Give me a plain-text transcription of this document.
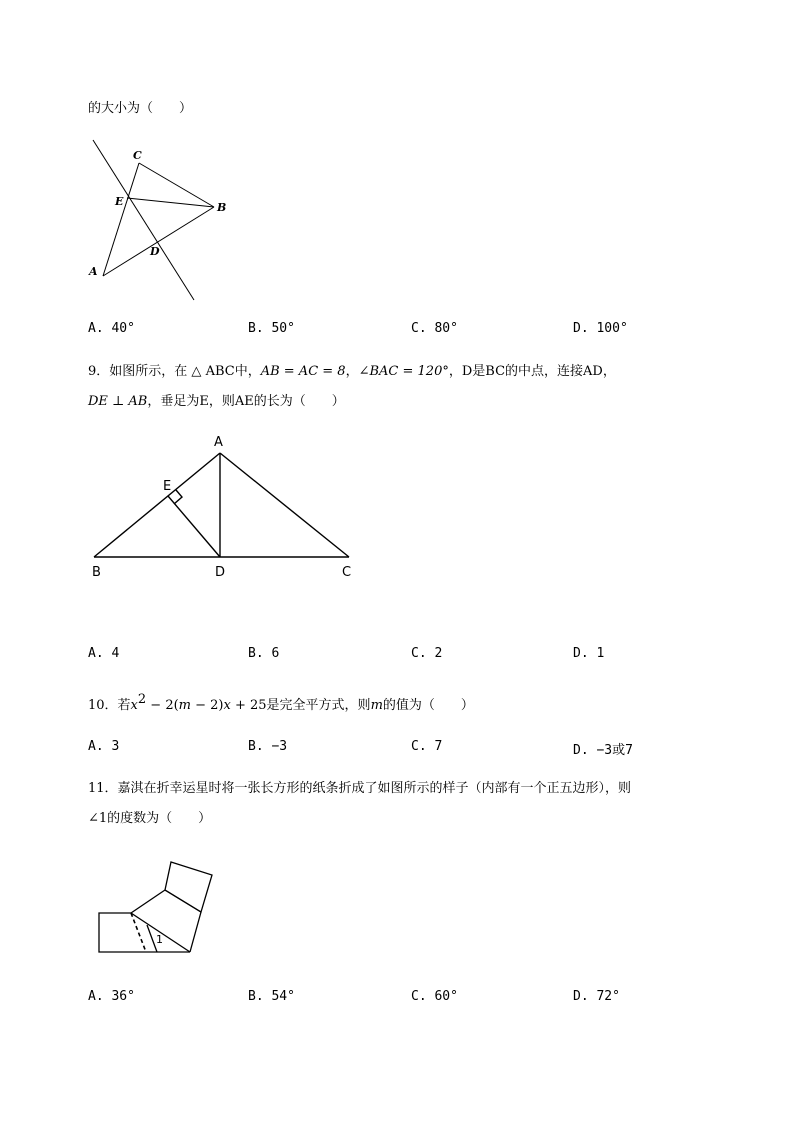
的大小为（　　）
C
E	B
D
A
A. 40°	B. 50°	C. 80°	D. 100°
9．如图所示，在 △ ABC中，AB = AC = 8，∠BAC = 120°，D是BC的中点，连接AD，
DE ⊥ AB，垂足为E，则AE的长为（　　）
A
E
B	D	C
A. 4	B. 6	C. 2	D. 1
10．若$x^2 - 2(m - 2)x + 25$是完全平方式，则m的值为（　　）
A. 3	B. −3	C. 7	D. −3或7
11．嘉淇在折幸运星时将一张长方形的纸条折成了如图所示的样子（内部有一个正五边形），则
∠1的度数为（　　）
1
A. 36°	B. 54°	C. 60°	D. 72°
